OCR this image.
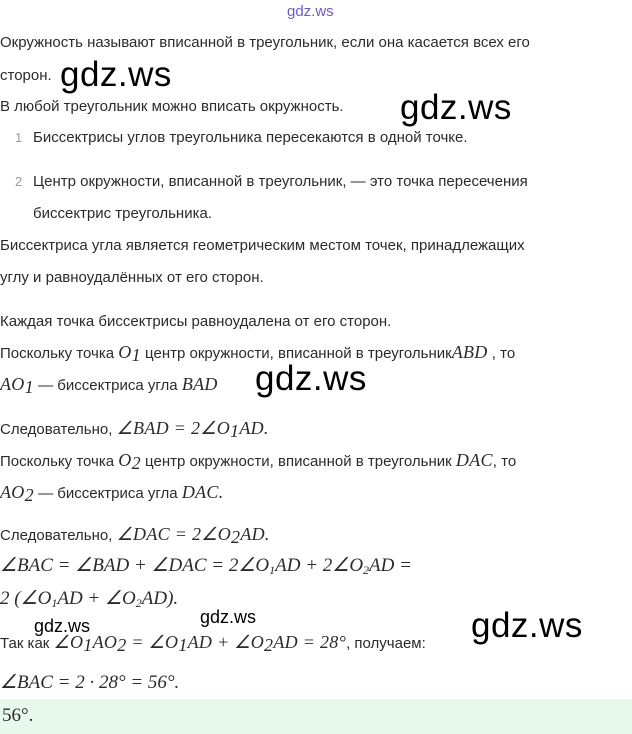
gdz.ws
Окружность называют вписанной в треугольник, если она касается всех его
сторон. gdz.ws
В любой треугольник можно вписать окружность. gdz.ws
1 Биссектрисы углов треугольника пересекаются в одной точке.
2 Центр окружности, вписанной в треугольник, — это точка пересечения
биссектрис треугольника.
Биссектриса угла является геометрическим местом точек, принадлежащих
углу и равноудалённых от его сторон.
Каждая точка биссектрисы равноудалена от его сторон.
Поскольку точка $O_1$ центр окружности, вписанной в треугольникABD , то
$AO_1$ — биссектриса угла BAD gdz.ws
Следовательно, ∠BAD = $2\angle O_1AD$.
Поскольку точка $O_2$ центр окружности, вписанной в треугольник DAC, то
$AO_2$ — биссектриса угла DAC.
Следовательно, ∠DAC = $2\angle O_2AD$.
∠BAC = ∠BAD + ∠DAC = $2\angle O_1AD$ + $2\angle O_2AD$ =
2 ($\angle O_1AD$ + $\angle O_2AD$).
gdz.ws
gdz.ws
Так как $\angle O_1AO_2$ = $\angle O_1AD$ + $\angle O_2AD = 28^\circ$, получаем: gdz.ws
∠BAC = 2 · 28° = 56°.
56°.
